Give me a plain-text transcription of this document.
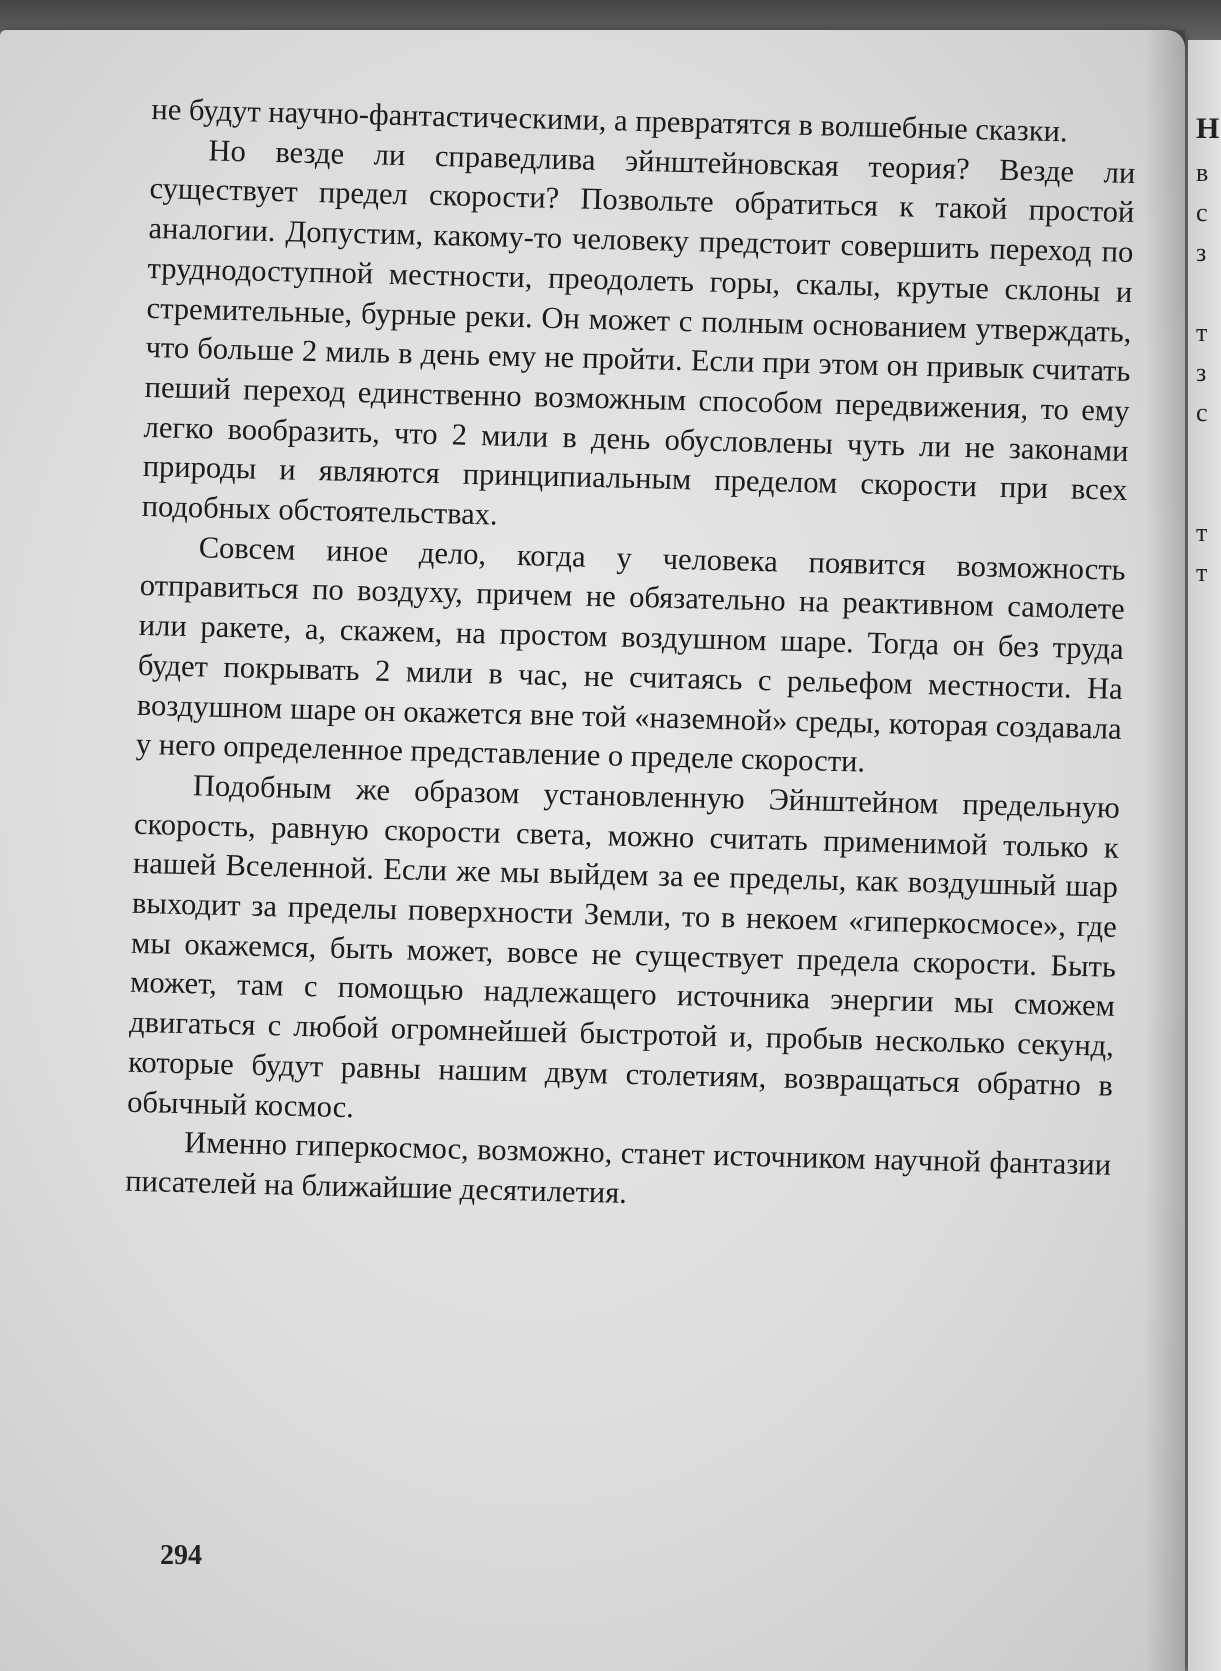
не будут научно-фантастическими, а превратятся в волшебные сказки.

Но везде ли справедлива эйнштейновская теория? Везде ли существует предел скорости? Позвольте обратиться к такой простой аналогии. Допустим, какому-то человеку предстоит совершить переход по труднодоступной местности, преодолеть горы, скалы, крутые склоны и стремительные, бурные реки. Он может с полным основанием утверждать, что больше 2 миль в день ему не пройти. Если при этом он привык считать пеший переход единственно возможным способом передвижения, то ему легко вообразить, что 2 мили в день обусловлены чуть ли не законами природы и являются принципиальным пределом скорости при всех подобных обстоятельствах.

Совсем иное дело, когда у человека появится возможность отправиться по воздуху, причем не обязательно на реактивном самолете или ракете, а, скажем, на простом воздушном шаре. Тогда он без труда будет покрывать 2 мили в час, не считаясь с рельефом местности. На воздушном шаре он окажется вне той «наземной» среды, которая создавала у него определенное представление о пределе скорости.

Подобным же образом установленную Эйнштейном предельную скорость, равную скорости света, можно считать применимой только к нашей Вселенной. Если же мы выйдем за ее пределы, как воздушный шар выходит за пределы поверхности Земли, то в некоем «гиперкосмосе», где мы окажемся, быть может, вовсе не существует предела скорости. Быть может, там с помощью надлежащего источника энергии мы сможем двигаться с любой огромнейшей быстротой и, пробыв несколько секунд, которые будут равны нашим двум столетиям, возвращаться обратно в обычный космос.

Именно гиперкосмос, возможно, станет источником научной фантазии писателей на ближайшие десятилетия.

294
Н
в
с
з
т
з
с
т
т
